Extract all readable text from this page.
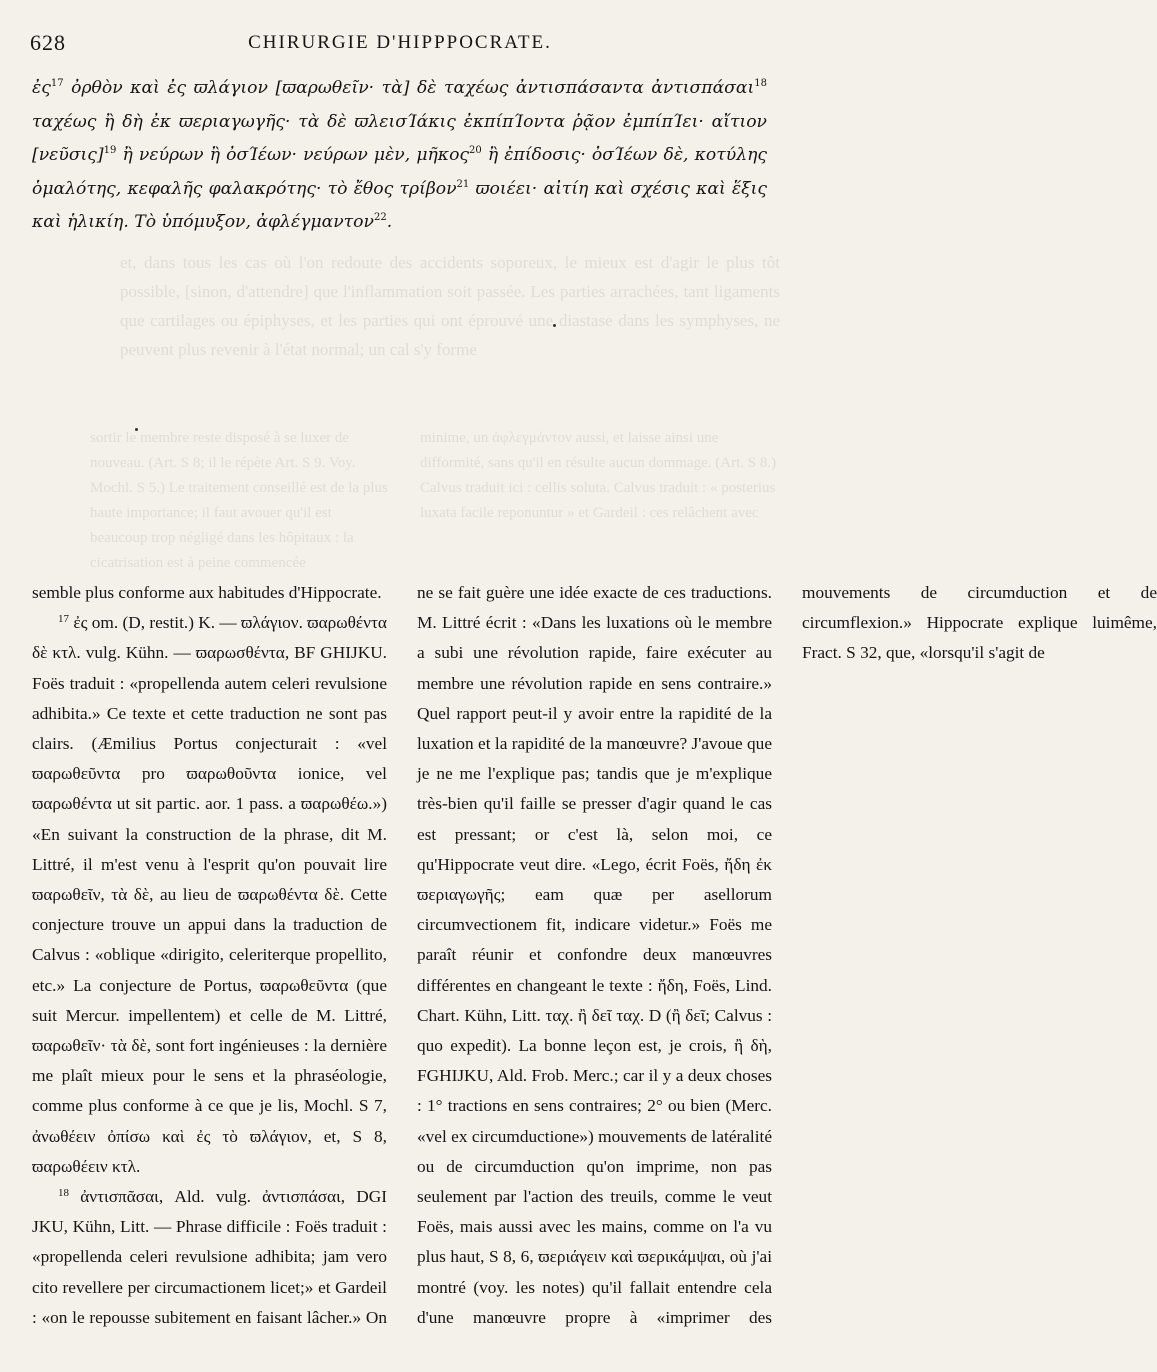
628	CHIRURGIE D'HIPPPOCRATE.
ἐς$^{17}$ ὀρθὸν καὶ ἐς ϖλάγιον [ϖαρωθεῖν· τὰ] δὲ ταχέως ἀντισπάσαντα ἀντισπάσαι$^{18}$ ταχέως ἢ δὴ ἐκ ϖεριαγωγῆς· τὰ δὲ ϖλεισΊάκις ἐκπίπΊοντα ῥᾷον ἐμπίπΊει· αἴτιον [νεῦσις]$^{19}$ ἢ νεύρων ἢ ὀσΊέων· νεύρων μὲν, μῆκος$^{20}$ ἢ ἐπίδοσις· ὀσΊέων δὲ, κοτύλης ὁμαλότης, κεφαλῆς φαλακρότης· τὸ ἔθος τρίβον$^{21}$ ϖοιέει· αἰτίη καὶ σχέσις καὶ ἕξις καὶ ἡλικίη. Τὸ ὑπόμυξον, ἀφλέγμαντον$^{22}$.
et, dans tous les cas où l'on redoute des accidents soporeux, le mieux est d'agir le plus tôt possible, [sinon, d'attendre] que l'inflammation soit passée. Les parties arrachées, tant ligaments que cartilages ou épiphyses, et les parties qui ont éprouvé une diastase dans les symphyses, ne peuvent plus revenir à l'état normal; un cal s'y forme
sortir le membre reste disposé à se luxer de nouveau. (Art. S 8; il le répète Art. S 9. Voy. Mochl. S 5.) Le traitement conseillé est de la plus haute importance; il faut avouer qu'il est beaucoup trop négligé dans les hôpitaux : la cicatrisation est à peine commencée
minime, un ἀφλεγμάντον aussi, et laisse ainsi une difformité, sans qu'il en résulte aucun dommage. (Art. S 8.) Calvus traduit ici : cellis soluta. Calvus traduit : « posterius luxata facile reponuntur » et Gardeil : ces relâchent avec

semble plus conforme aux habitudes d'Hippocrate.

$^{17}$ ἐς om. (D, restit.) K. — ϖλάγιον. ϖαρωθέντα δὲ κτλ. vulg. Kühn. — ϖαρωσθέντα, BF GHIJKU. Foës traduit : «propellenda autem celeri revulsione adhibita.» Ce texte et cette traduction ne sont pas clairs. (Æmilius Portus conjecturait : «vel ϖαρωθεῦντα pro ϖαρωθοῦντα ionice, vel ϖαρωθέντα ut sit partic. aor. 1 pass. a ϖαρωθέω.») «En suivant la construction de la phrase, dit M. Littré, il m'est venu à l'esprit qu'on pouvait lire ϖαρωθεῖν, τὰ δὲ, au lieu de ϖαρωθέντα δὲ. Cette conjecture trouve un appui dans la traduction de Calvus : «oblique «dirigito, celeriterque propellito, etc.» La conjecture de Portus, ϖαρωθεῦντα (que suit Mercur. impellentem) et celle de M. Littré, ϖαρωθεῖν· τὰ δὲ, sont fort ingénieuses : la dernière me plaît mieux pour le sens et la phraséologie, comme plus conforme à ce que je lis, Mochl. S 7, ἀνωθέειν ὀπίσω καὶ ἐς τὸ ϖλάγιον, et, S 8, ϖαρωθέειν κτλ.

$^{18}$ ἀντισπᾶσαι, Ald. vulg. ἀντισπάσαι, DGI JKU, Kühn, Litt. — Phrase difficile : Foës traduit : «propellenda celeri revulsione adhibita; jam vero cito revellere per circumactionem licet;» et Gardeil : «on le repousse subitement en faisant lâcher.» On ne se fait guère une idée exacte de ces traductions. M. Littré écrit : «Dans les luxations où le membre a subi une révolution rapide, faire exécuter au membre une révolution rapide en sens contraire.» Quel rapport peut-il y avoir entre la rapidité de la luxation et la rapidité de la manœuvre? J'avoue que je ne me l'explique pas; tandis que je m'explique très-bien qu'il faille se presser d'agir quand le cas est pressant; or c'est là, selon moi, ce qu'Hippocrate veut dire. «Lego, écrit Foës, ἤδη ἐκ ϖεριαγωγῆς; eam quæ per asellorum circumvectionem fit, indicare videtur.» Foës me paraît réunir et confondre deux manœuvres différentes en changeant le texte : ἤδη, Foës, Lind. Chart. Kühn, Litt. ταχ. ἢ δεῖ ταχ. D (ἢ δεῖ; Calvus : quo expedit). La bonne leçon est, je crois, ἢ δὴ, FGHIJKU, Ald. Frob. Merc.; car il y a deux choses : 1° tractions en sens contraires; 2° ou bien (Merc. «vel ex circumductione») mouvements de latéralité ou de circumduction qu'on imprime, non pas seulement par l'action des treuils, comme le veut Foës, mais aussi avec les mains, comme on l'a vu plus haut, S 8, 6, ϖεριάγειν καὶ ϖερικάμψαι, où j'ai montré (voy. les notes) qu'il fallait entendre cela d'une manœuvre propre à «imprimer des mouvements de circumduction et de circumflexion.» Hippocrate explique luimême, Fract. S 32, que, «lorsqu'il s'agit de
